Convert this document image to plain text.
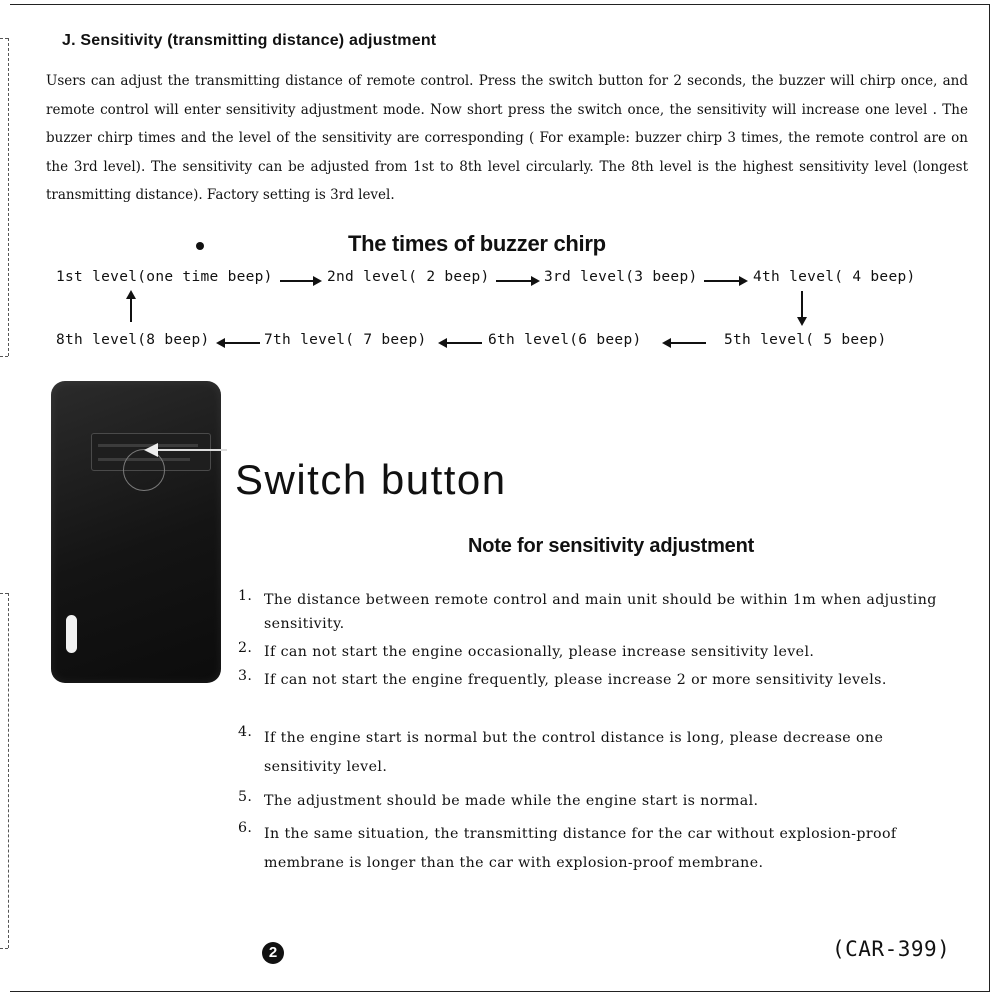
J. Sensitivity (transmitting distance) adjustment

Users can adjust the transmitting distance of remote control. Press the switch button for 2 seconds, the buzzer will chirp once, and remote control will enter sensitivity adjustment mode. Now short press the switch once, the sensitivity will increase one level . The buzzer chirp times and the level of the sensitivity are corresponding ( For example: buzzer chirp 3 times, the remote control are on the 3rd level). The sensitivity can be adjusted from 1st to 8th level circularly. The 8th level is the highest sensitivity level (longest transmitting distance). Factory setting is 3rd level.

The times of buzzer chirp
1st level(one time beep)	2nd level( 2 beep)	3rd level(3 beep)	4th level( 4 beep)
5th level( 5 beep)
6th level(6 beep)
7th level( 7 beep)
8th level(8 beep)
Switch button
Note for sensitivity adjustment
1. The distance between remote control and main unit should be within 1m when adjusting sensitivity.
2. If can not start the engine occasionally, please increase sensitivity level.
3. If can not start the engine frequently, please increase 2 or more sensitivity levels.
4. If the engine start is normal but the control distance is long, please decrease one sensitivity level.
5. The adjustment should be made while the engine start is normal.
6. In the same situation, the transmitting distance for the car without explosion-proof membrane is longer than the car with explosion-proof membrane.
2	(CAR-399)
